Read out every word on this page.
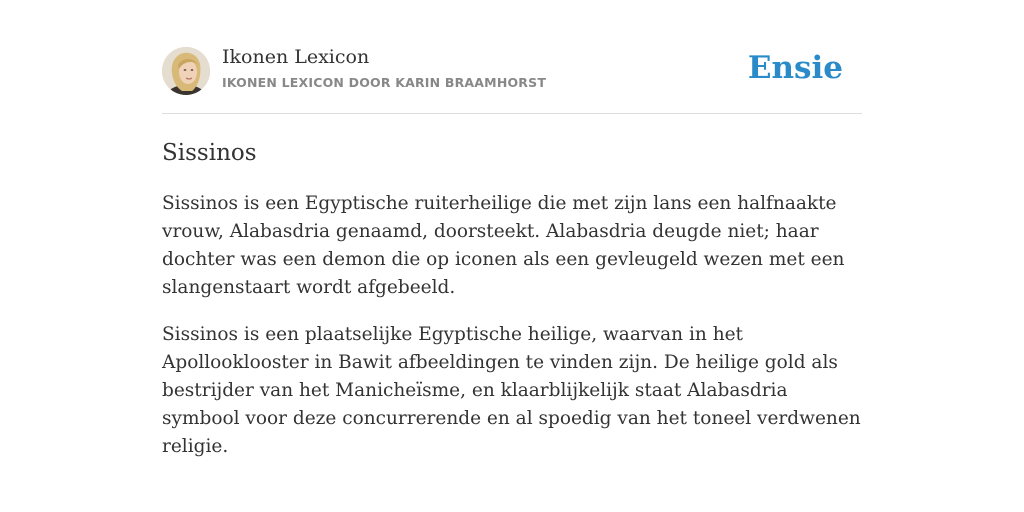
Ikonen Lexicon
IKONEN LEXICON DOOR KARIN BRAAMHORST	Ensie
Sissinos

Sissinos is een Egyptische ruiterheilige die met zijn lans een halfnaakte vrouw, Alabasdria genaamd, doorsteekt. Alabasdria deugde niet; haar dochter was een demon die op iconen als een gevleugeld wezen met een slangenstaart wordt afgebeeld.

Sissinos is een plaatselijke Egyptische heilige, waarvan in het Apollooklooster in Bawit afbeeldingen te vinden zijn. De heilige gold als bestrijder van het Manicheïsme, en klaarblijkelijk staat Alabasdria symbool voor deze concurrerende en al spoedig van het toneel verdwenen religie.
